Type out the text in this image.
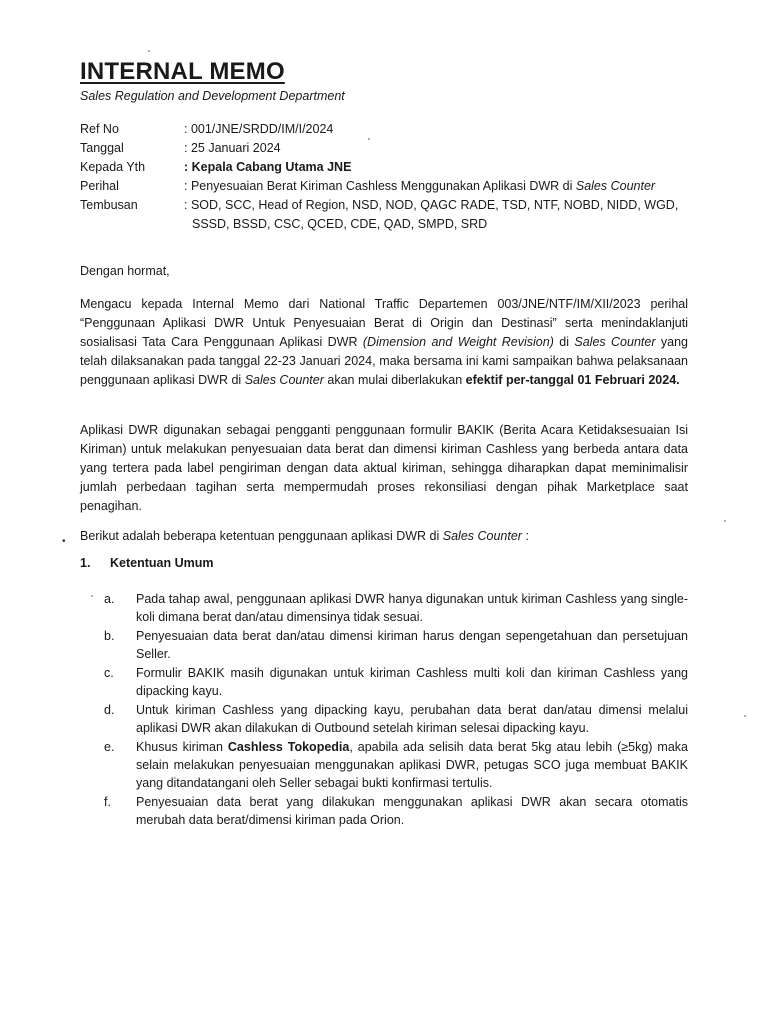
INTERNAL MEMO
Sales Regulation and Development Department
Ref No	: 001/JNE/SRDD/IM/I/2024
Tanggal	: 25 Januari 2024
Kepada Yth	: Kepala Cabang Utama JNE
Perihal	: Penyesuaian Berat Kiriman Cashless Menggunakan Aplikasi DWR di Sales Counter
Tembusan	: SOD, SCC, Head of Region, NSD, NOD, QAGC RADE, TSD, NTF, NOBD, NIDD, WGD,
SSSD, BSSD, CSC, QCED, CDE, QAD, SMPD, SRD
Dengan hormat,

Mengacu kepada Internal Memo dari National Traffic Departemen 003/JNE/NTF/IM/XII/2023 perihal “Penggunaan Aplikasi DWR Untuk Penyesuaian Berat di Origin dan Destinasi” serta menindaklanjuti sosialisasi Tata Cara Penggunaan Aplikasi DWR (Dimension and Weight Revision) di Sales Counter yang telah dilaksanakan pada tanggal 22-23 Januari 2024, maka bersama ini kami sampaikan bahwa pelaksanaan penggunaan aplikasi DWR di Sales Counter akan mulai diberlakukan efektif per-tanggal 01 Februari 2024.

Aplikasi DWR digunakan sebagai pengganti penggunaan formulir BAKIK (Berita Acara Ketidaksesuaian Isi Kiriman) untuk melakukan penyesuaian data berat dan dimensi kiriman Cashless yang berbeda antara data yang tertera pada label pengiriman dengan data aktual kiriman, sehingga diharapkan dapat meminimalisir jumlah perbedaan tagihan serta mempermudah proses rekonsiliasi dengan pihak Marketplace saat penagihan.

• Berikut adalah beberapa ketentuan penggunaan aplikasi DWR di Sales Counter :

1. Ketentuan Umum
a.	Pada tahap awal, penggunaan aplikasi DWR hanya digunakan untuk kiriman Cashless yang single-koli dimana berat dan/atau dimensinya tidak sesuai.
b.	Penyesuaian data berat dan/atau dimensi kiriman harus dengan sepengetahuan dan persetujuan Seller.
c.	Formulir BAKIK masih digunakan untuk kiriman Cashless multi koli dan kiriman Cashless yang dipacking kayu.
d.	Untuk kiriman Cashless yang dipacking kayu, perubahan data berat dan/atau dimensi melalui aplikasi DWR akan dilakukan di Outbound setelah kiriman selesai dipacking kayu.
e.	Khusus kiriman Cashless Tokopedia, apabila ada selisih data berat 5kg atau lebih (≥5kg) maka selain melakukan penyesuaian menggunakan aplikasi DWR, petugas SCO juga membuat BAKIK yang ditandatangani oleh Seller sebagai bukti konfirmasi tertulis.
f.	Penyesuaian data berat yang dilakukan menggunakan aplikasi DWR akan secara otomatis merubah data berat/dimensi kiriman pada Orion.
